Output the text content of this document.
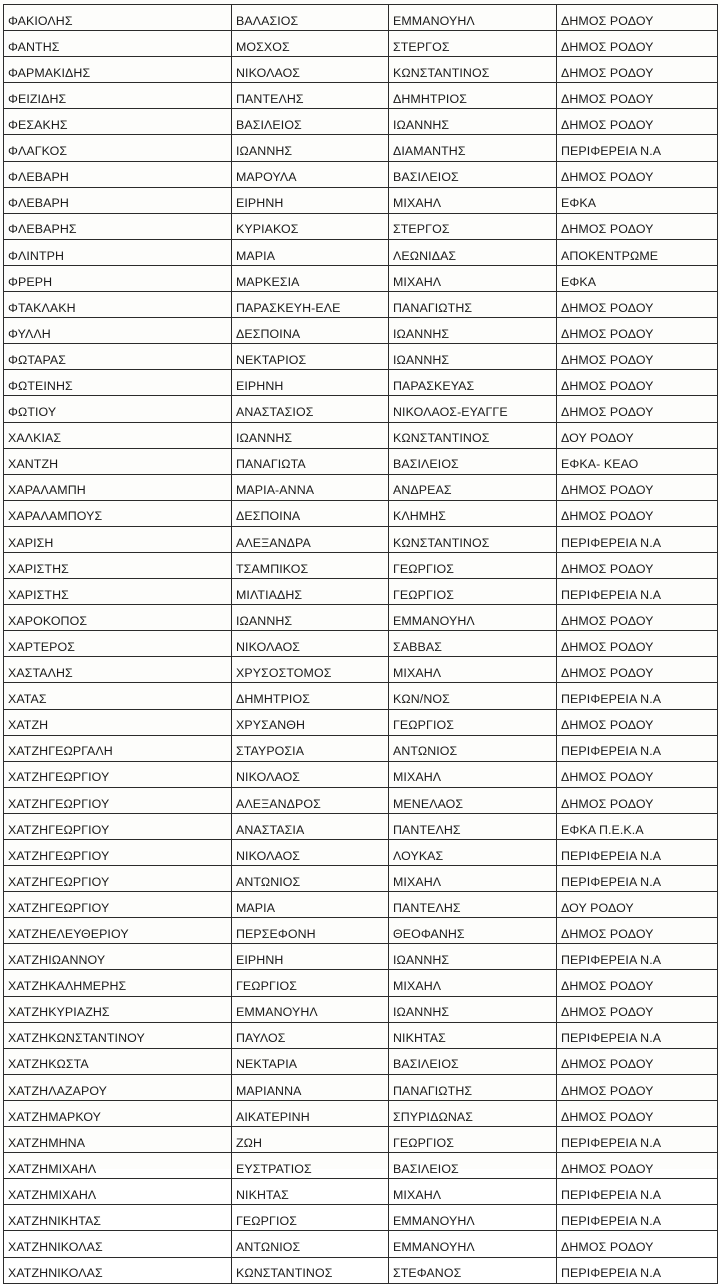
ΦΑΚΙΟΛΗΣ	ΒΑΛΑΣΙΟΣ	ΕΜΜΑΝΟΥΗΛ	ΔΗΜΟΣ ΡΟΔΟΥ
ΦΑΝΤΗΣ	ΜΟΣΧΟΣ	ΣΤΕΡΓΟΣ	ΔΗΜΟΣ ΡΟΔΟΥ
ΦΑΡΜΑΚΙΔΗΣ	ΝΙΚΟΛΑΟΣ	ΚΩΝΣΤΑΝΤΙΝΟΣ	ΔΗΜΟΣ ΡΟΔΟΥ
ΦΕΙΖΙΔΗΣ	ΠΑΝΤΕΛΗΣ	ΔΗΜΗΤΡΙΟΣ	ΔΗΜΟΣ ΡΟΔΟΥ
ΦΕΣΑΚΗΣ	ΒΑΣΙΛΕΙΟΣ	ΙΩΑΝΝΗΣ	ΔΗΜΟΣ ΡΟΔΟΥ
ΦΛΑΓΚΟΣ	ΙΩΑΝΝΗΣ	ΔΙΑΜΑΝΤΗΣ	ΠΕΡΙΦΕΡΕΙΑ Ν.Α
ΦΛΕΒΑΡΗ	ΜΑΡΟΥΛΑ	ΒΑΣΙΛΕΙΟΣ	ΔΗΜΟΣ ΡΟΔΟΥ
ΦΛΕΒΑΡΗ	ΕΙΡΗΝΗ	ΜΙΧΑΗΛ	ΕΦΚΑ
ΦΛΕΒΑΡΗΣ	ΚΥΡΙΑΚΟΣ	ΣΤΕΡΓΟΣ	ΔΗΜΟΣ ΡΟΔΟΥ
ΦΛΙΝΤΡΗ	ΜΑΡΙΑ	ΛΕΩΝΙΔΑΣ	ΑΠΟΚΕΝΤΡΩΜΕ
ΦΡΕΡΗ	ΜΑΡΚΕΣΙΑ	ΜΙΧΑΗΛ	ΕΦΚΑ
ΦΤΑΚΛΑΚΗ	ΠΑΡΑΣΚΕΥΗ-ΕΛΕ	ΠΑΝΑΓΙΩΤΗΣ	ΔΗΜΟΣ ΡΟΔΟΥ
ΦΥΛΛΗ	ΔΕΣΠΟΙΝΑ	ΙΩΑΝΝΗΣ	ΔΗΜΟΣ ΡΟΔΟΥ
ΦΩΤΑΡΑΣ	ΝΕΚΤΑΡΙΟΣ	ΙΩΑΝΝΗΣ	ΔΗΜΟΣ ΡΟΔΟΥ
ΦΩΤΕΙΝΗΣ	ΕΙΡΗΝΗ	ΠΑΡΑΣΚΕΥΑΣ	ΔΗΜΟΣ ΡΟΔΟΥ
ΦΩΤΙΟΥ	ΑΝΑΣΤΑΣΙΟΣ	ΝΙΚΟΛΑΟΣ-ΕΥΑΓΓΕ	ΔΗΜΟΣ ΡΟΔΟΥ
ΧΑΛΚΙΑΣ	ΙΩΑΝΝΗΣ	ΚΩΝΣΤΑΝΤΙΝΟΣ	ΔΟΥ ΡΟΔΟΥ
ΧΑΝΤΖΗ	ΠΑΝΑΓΙΩΤΑ	ΒΑΣΙΛΕΙΟΣ	ΕΦΚΑ- ΚΕΑΟ
ΧΑΡΑΛΑΜΠΗ	ΜΑΡΙΑ-ΑΝΝΑ	ΑΝΔΡΕΑΣ	ΔΗΜΟΣ ΡΟΔΟΥ
ΧΑΡΑΛΑΜΠΟΥΣ	ΔΕΣΠΟΙΝΑ	ΚΛΗΜΗΣ	ΔΗΜΟΣ ΡΟΔΟΥ
ΧΑΡΙΣΗ	ΑΛΕΞΑΝΔΡΑ	ΚΩΝΣΤΑΝΤΙΝΟΣ	ΠΕΡΙΦΕΡΕΙΑ Ν.Α
ΧΑΡΙΣΤΗΣ	ΤΣΑΜΠΙΚΟΣ	ΓΕΩΡΓΙΟΣ	ΔΗΜΟΣ ΡΟΔΟΥ
ΧΑΡΙΣΤΗΣ	ΜΙΛΤΙΑΔΗΣ	ΓΕΩΡΓΙΟΣ	ΠΕΡΙΦΕΡΕΙΑ Ν.Α
ΧΑΡΟΚΟΠΟΣ	ΙΩΑΝΝΗΣ	ΕΜΜΑΝΟΥΗΛ	ΔΗΜΟΣ ΡΟΔΟΥ
ΧΑΡΤΕΡΟΣ	ΝΙΚΟΛΑΟΣ	ΣΑΒΒΑΣ	ΔΗΜΟΣ ΡΟΔΟΥ
ΧΑΣΤΑΛΗΣ	ΧΡΥΣΟΣΤΟΜΟΣ	ΜΙΧΑΗΛ	ΔΗΜΟΣ ΡΟΔΟΥ
ΧΑΤΑΣ	ΔΗΜΗΤΡΙΟΣ	ΚΩΝ/ΝΟΣ	ΠΕΡΙΦΕΡΕΙΑ Ν.Α
ΧΑΤΖΗ	ΧΡΥΣΑΝΘΗ	ΓΕΩΡΓΙΟΣ	ΔΗΜΟΣ ΡΟΔΟΥ
ΧΑΤΖΗΓΕΩΡΓΑΛΗ	ΣΤΑΥΡΟΣΙΑ	ΑΝΤΩΝΙΟΣ	ΠΕΡΙΦΕΡΕΙΑ Ν.Α
ΧΑΤΖΗΓΕΩΡΓΙΟΥ	ΝΙΚΟΛΑΟΣ	ΜΙΧΑΗΛ	ΔΗΜΟΣ ΡΟΔΟΥ
ΧΑΤΖΗΓΕΩΡΓΙΟΥ	ΑΛΕΞΑΝΔΡΟΣ	ΜΕΝΕΛΑΟΣ	ΔΗΜΟΣ ΡΟΔΟΥ
ΧΑΤΖΗΓΕΩΡΓΙΟΥ	ΑΝΑΣΤΑΣΙΑ	ΠΑΝΤΕΛΗΣ	ΕΦΚΑ Π.Ε.Κ.Α
ΧΑΤΖΗΓΕΩΡΓΙΟΥ	ΝΙΚΟΛΑΟΣ	ΛΟΥΚΑΣ	ΠΕΡΙΦΕΡΕΙΑ Ν.Α
ΧΑΤΖΗΓΕΩΡΓΙΟΥ	ΑΝΤΩΝΙΟΣ	ΜΙΧΑΗΛ	ΠΕΡΙΦΕΡΕΙΑ Ν.Α
ΧΑΤΖΗΓΕΩΡΓΙΟΥ	ΜΑΡΙΑ	ΠΑΝΤΕΛΗΣ	ΔΟΥ ΡΟΔΟΥ
ΧΑΤΖΗΕΛΕΥΘΕΡΙΟΥ	ΠΕΡΣΕΦΟΝΗ	ΘΕΟΦΑΝΗΣ	ΔΗΜΟΣ ΡΟΔΟΥ
ΧΑΤΖΗΙΩΑΝΝΟΥ	ΕΙΡΗΝΗ	ΙΩΑΝΝΗΣ	ΠΕΡΙΦΕΡΕΙΑ Ν.Α
ΧΑΤΖΗΚΑΛΗΜΕΡΗΣ	ΓΕΩΡΓΙΟΣ	ΜΙΧΑΗΛ	ΔΗΜΟΣ ΡΟΔΟΥ
ΧΑΤΖΗΚΥΡΙΑΖΗΣ	ΕΜΜΑΝΟΥΗΛ	ΙΩΑΝΝΗΣ	ΔΗΜΟΣ ΡΟΔΟΥ
ΧΑΤΖΗΚΩΝΣΤΑΝΤΙΝΟΥ	ΠΑΥΛΟΣ	ΝΙΚΗΤΑΣ	ΠΕΡΙΦΕΡΕΙΑ Ν.Α
ΧΑΤΖΗΚΩΣΤΑ	ΝΕΚΤΑΡΙΑ	ΒΑΣΙΛΕΙΟΣ	ΔΗΜΟΣ ΡΟΔΟΥ
ΧΑΤΖΗΛΑΖΑΡΟΥ	ΜΑΡΙΑΝΝΑ	ΠΑΝΑΓΙΩΤΗΣ	ΔΗΜΟΣ ΡΟΔΟΥ
ΧΑΤΖΗΜΑΡΚΟΥ	ΑΙΚΑΤΕΡΙΝΗ	ΣΠΥΡΙΔΩΝΑΣ	ΔΗΜΟΣ ΡΟΔΟΥ
ΧΑΤΖΗΜΗΝΑ	ΖΩΗ	ΓΕΩΡΓΙΟΣ	ΠΕΡΙΦΕΡΕΙΑ Ν.Α
ΧΑΤΖΗΜΙΧΑΗΛ	ΕΥΣΤΡΑΤΙΟΣ	ΒΑΣΙΛΕΙΟΣ	ΔΗΜΟΣ ΡΟΔΟΥ
ΧΑΤΖΗΜΙΧΑΗΛ	ΝΙΚΗΤΑΣ	ΜΙΧΑΗΛ	ΠΕΡΙΦΕΡΕΙΑ Ν.Α
ΧΑΤΖΗΝΙΚΗΤΑΣ	ΓΕΩΡΓΙΟΣ	ΕΜΜΑΝΟΥΗΛ	ΠΕΡΙΦΕΡΕΙΑ Ν.Α
ΧΑΤΖΗΝΙΚΟΛΑΣ	ΑΝΤΩΝΙΟΣ	ΕΜΜΑΝΟΥΗΛ	ΔΗΜΟΣ ΡΟΔΟΥ
ΧΑΤΖΗΝΙΚΟΛΑΣ	ΚΩΝΣΤΑΝΤΙΝΟΣ	ΣΤΕΦΑΝΟΣ	ΠΕΡΙΦΕΡΕΙΑ Ν.Α
